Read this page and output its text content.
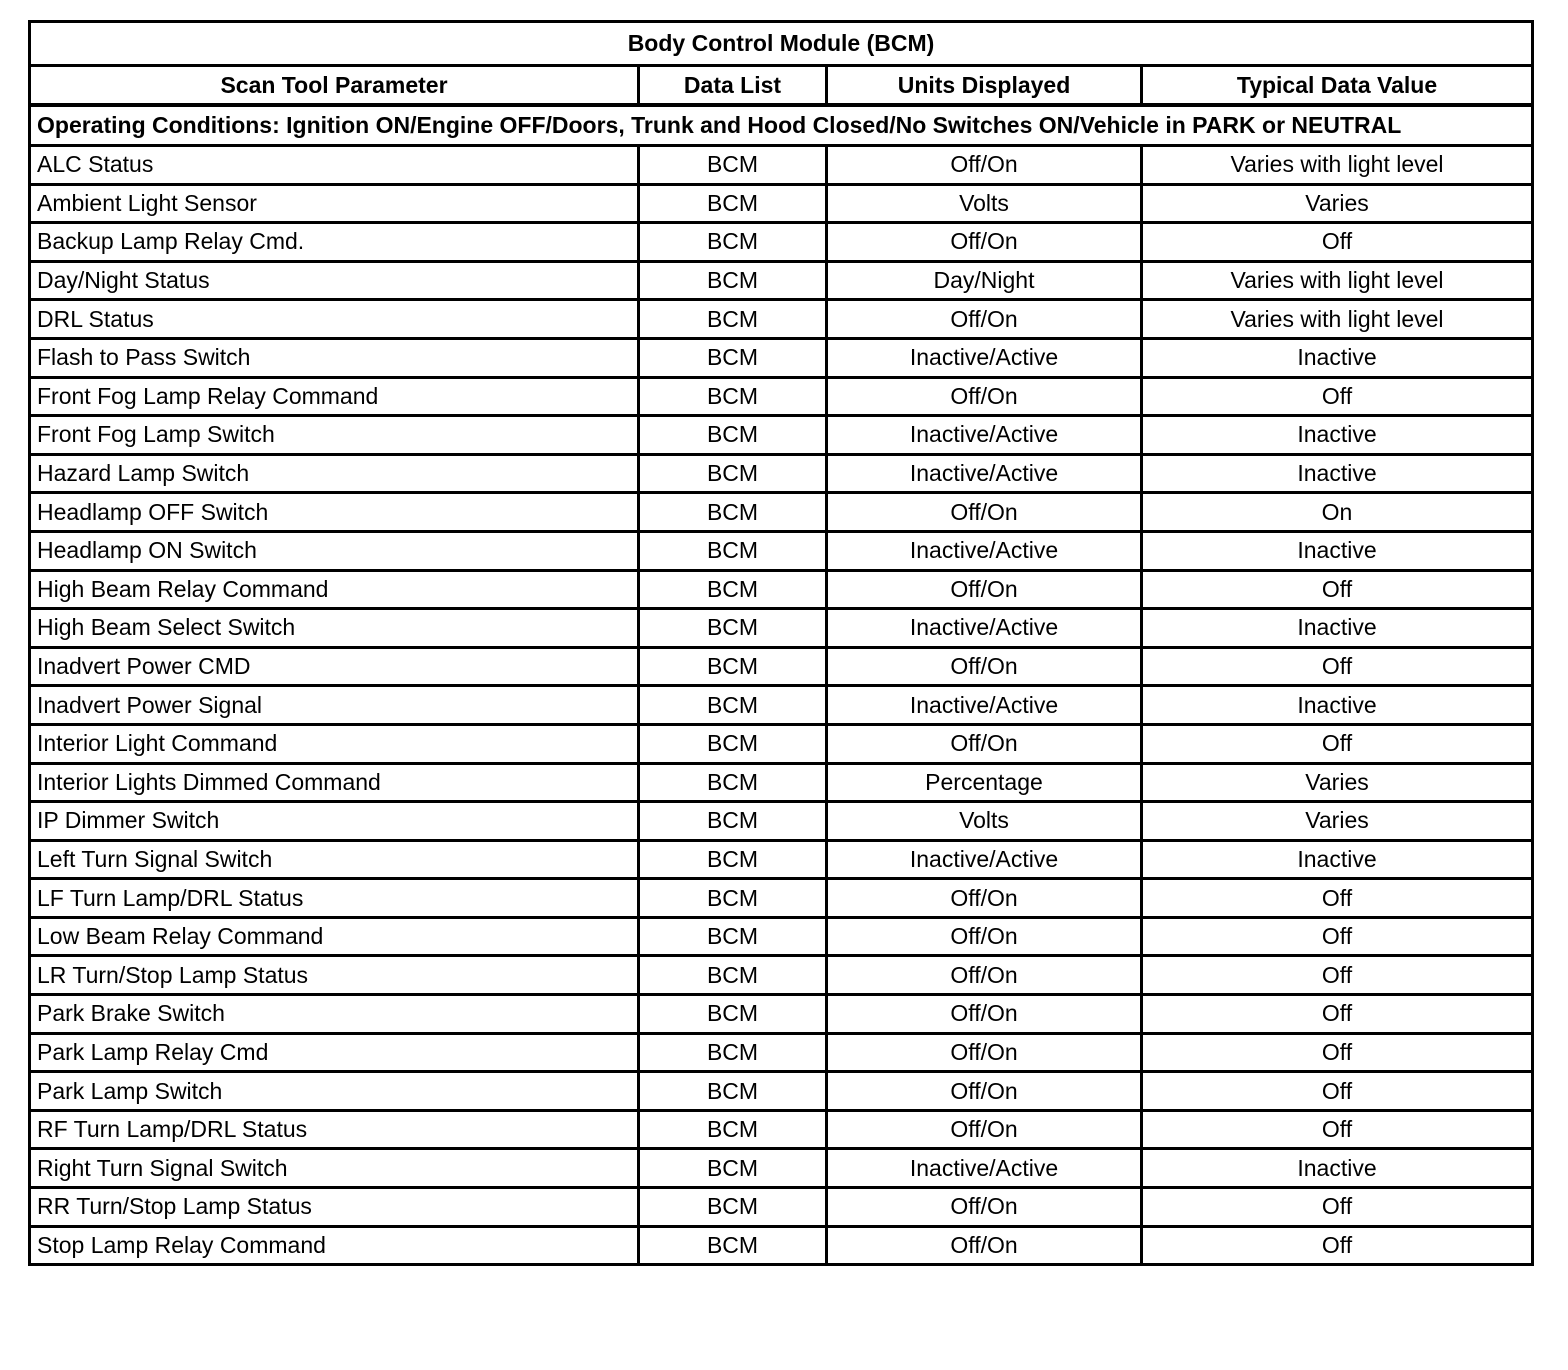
Body Control Module (BCM)			
Scan Tool Parameter	Data List	Units Displayed	Typical Data Value
Operating Conditions: Ignition ON/Engine OFF/Doors, Trunk and Hood Closed/No Switches ON/Vehicle in PARK or NEUTRAL			
ALC Status	BCM	Off/On	Varies with light level
Ambient Light Sensor	BCM	Volts	Varies
Backup Lamp Relay Cmd.	BCM	Off/On	Off
Day/Night Status	BCM	Day/Night	Varies with light level
DRL Status	BCM	Off/On	Varies with light level
Flash to Pass Switch	BCM	Inactive/Active	Inactive
Front Fog Lamp Relay Command	BCM	Off/On	Off
Front Fog Lamp Switch	BCM	Inactive/Active	Inactive
Hazard Lamp Switch	BCM	Inactive/Active	Inactive
Headlamp OFF Switch	BCM	Off/On	On
Headlamp ON Switch	BCM	Inactive/Active	Inactive
High Beam Relay Command	BCM	Off/On	Off
High Beam Select Switch	BCM	Inactive/Active	Inactive
Inadvert Power CMD	BCM	Off/On	Off
Inadvert Power Signal	BCM	Inactive/Active	Inactive
Interior Light Command	BCM	Off/On	Off
Interior Lights Dimmed Command	BCM	Percentage	Varies
IP Dimmer Switch	BCM	Volts	Varies
Left Turn Signal Switch	BCM	Inactive/Active	Inactive
LF Turn Lamp/DRL Status	BCM	Off/On	Off
Low Beam Relay Command	BCM	Off/On	Off
LR Turn/Stop Lamp Status	BCM	Off/On	Off
Park Brake Switch	BCM	Off/On	Off
Park Lamp Relay Cmd	BCM	Off/On	Off
Park Lamp Switch	BCM	Off/On	Off
RF Turn Lamp/DRL Status	BCM	Off/On	Off
Right Turn Signal Switch	BCM	Inactive/Active	Inactive
RR Turn/Stop Lamp Status	BCM	Off/On	Off
Stop Lamp Relay Command	BCM	Off/On	Off
